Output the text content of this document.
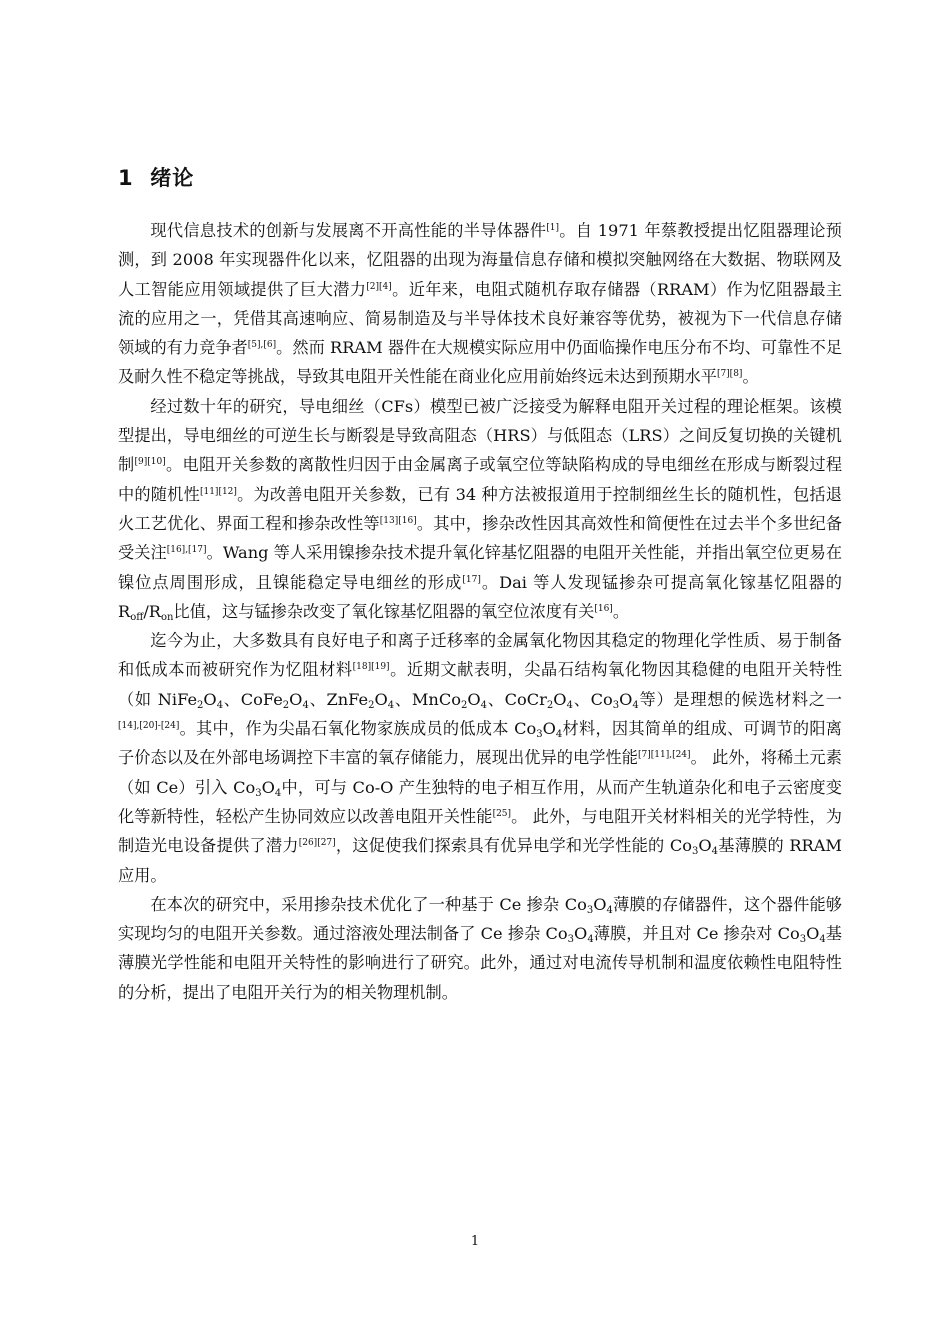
1  绪论

现代信息技术的创新与发展离不开高性能的半导体器件[1]。自 1971 年蔡教授提出忆阻器理论预测，到 2008 年实现器件化以来，忆阻器的出现为海量信息存储和模拟突触网络在大数据、物联网及人工智能应用领域提供了巨大潜力[2][4]。近年来，电阻式随机存取存储器（RRAM）作为忆阻器最主流的应用之一，凭借其高速响应、简易制造及与半导体技术良好兼容等优势，被视为下一代信息存储领域的有力竞争者[5],[6]。然而 RRAM 器件在大规模实际应用中仍面临操作电压分布不均、可靠性不足及耐久性不稳定等挑战，导致其电阻开关性能在商业化应用前始终远未达到预期水平[7][8]。

经过数十年的研究，导电细丝（CFs）模型已被广泛接受为解释电阻开关过程的理论框架。该模型提出，导电细丝的可逆生长与断裂是导致高阻态（HRS）与低阻态（LRS）之间反复切换的关键机制[9][10]。电阻开关参数的离散性归因于由金属离子或氧空位等缺陷构成的导电细丝在形成与断裂过程中的随机性[11][12]。为改善电阻开关参数，已有 34 种方法被报道用于控制细丝生长的随机性，包括退火工艺优化、界面工程和掺杂改性等[13][16]。其中，掺杂改性因其高效性和简便性在过去半个多世纪备受关注[16],[17]。Wang 等人采用镍掺杂技术提升氧化锌基忆阻器的电阻开关性能，并指出氧空位更易在镍位点周围形成，且镍能稳定导电细丝的形成[17]。Dai 等人发现锰掺杂可提高氧化镓基忆阻器的 $R_{off}/R_{on}$比值，这与锰掺杂改变了氧化镓基忆阻器的氧空位浓度有关[16]。

迄今为止，大多数具有良好电子和离子迁移率的金属氧化物因其稳定的物理化学性质、易于制备和低成本而被研究作为忆阻材料[18][19]。近期文献表明，尖晶石结构氧化物因其稳健的电阻开关特性（如 $NiFe_2O_4$、$CoFe_2O_4$、$ZnFe_2O_4$、$MnCo_2O_4$、$CoCr_2O_4$、$Co_3O_4$等）是理想的候选材料之一[14],[20]-[24]。其中，作为尖晶石氧化物家族成员的低成本 $Co_3O_4$材料，因其简单的组成、可调节的阳离子价态以及在外部电场调控下丰富的氧存储能力，展现出优异的电学性能[7][11],[24]。 此外，将稀土元素（如 Ce）引入 $Co_3O_4$中，可与 Co-O 产生独特的电子相互作用，从而产生轨道杂化和电子云密度变化等新特性，轻松产生协同效应以改善电阻开关性能[25]。 此外，与电阻开关材料相关的光学特性，为制造光电设备提供了潜力[26][27]，这促使我们探索具有优异电学和光学性能的 $Co_3O_4$基薄膜的 RRAM 应用。

在本次的研究中，采用掺杂技术优化了一种基于 Ce 掺杂 $Co_3O_4$薄膜的存储器件，这个器件能够实现均匀的电阻开关参数。通过溶液处理法制备了 Ce 掺杂 $Co_3O_4$薄膜，并且对 Ce 掺杂对 $Co_3O_4$基薄膜光学性能和电阻开关特性的影响进行了研究。此外，通过对电流传导机制和温度依赖性电阻特性的分析，提出了电阻开关行为的相关物理机制。

1
